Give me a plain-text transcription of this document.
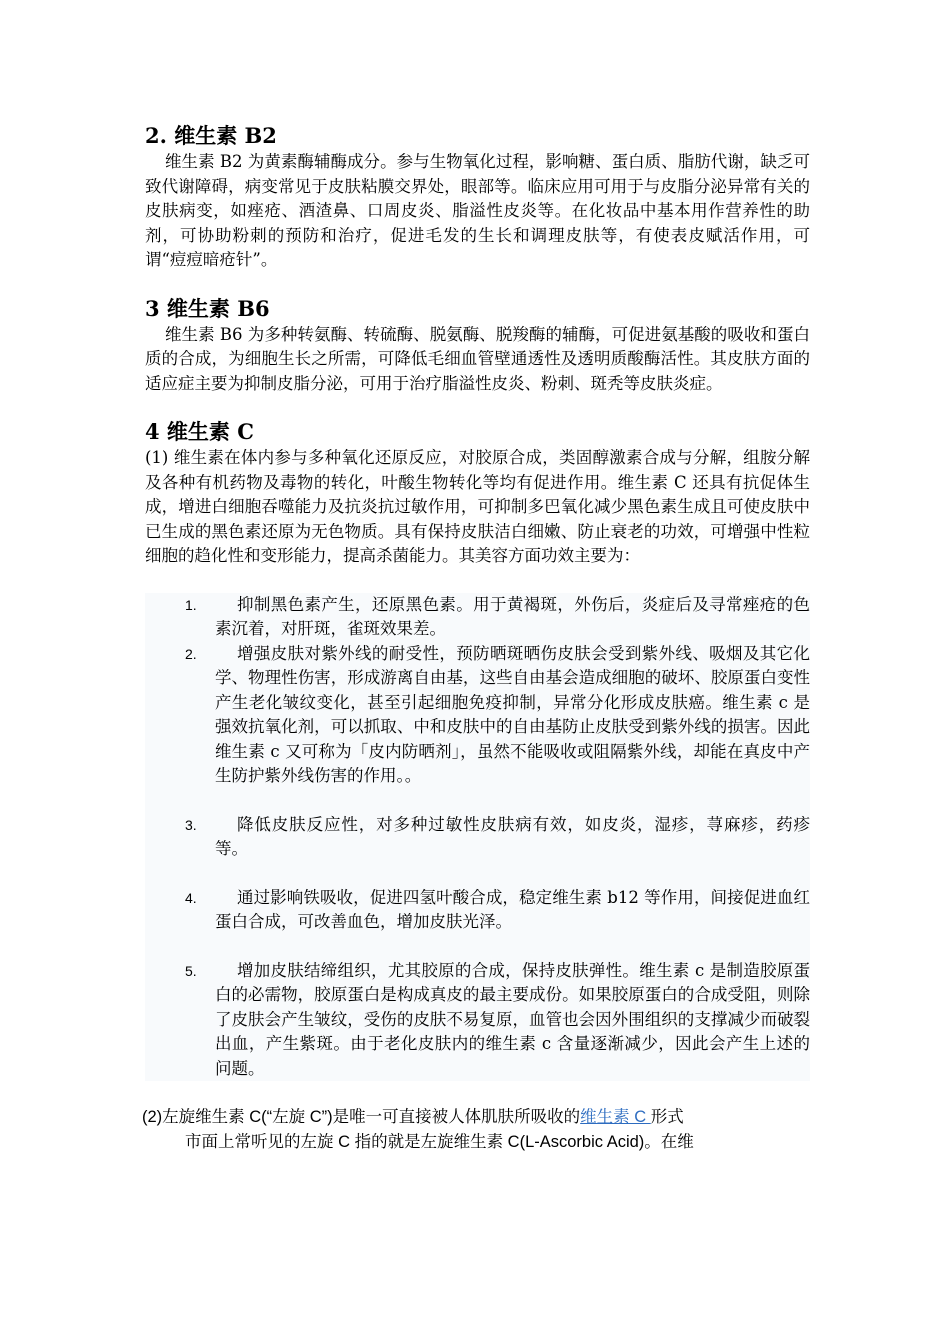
2. 维生素 B2

维生素 B2 为黄素酶辅酶成分。参与生物氧化过程，影响糖、蛋白质、脂肪代谢，缺乏可致代谢障碍，病变常见于皮肤粘膜交界处，眼部等。临床应用可用于与皮脂分泌异常有关的皮肤病变，如痤疮、酒渣鼻、口周皮炎、脂溢性皮炎等。在化妆品中基本用作营养性的助剂，可协助粉刺的预防和治疗，促进毛发的生长和调理皮肤等，有使表皮赋活作用，可谓“痘痘暗疮针”。

3 维生素 B6

维生素 B6 为多种转氨酶、转硫酶、脱氨酶、脱羧酶的辅酶，可促进氨基酸的吸收和蛋白质的合成，为细胞生长之所需，可降低毛细血管壁通透性及透明质酸酶活性。其皮肤方面的适应症主要为抑制皮脂分泌，可用于治疗脂溢性皮炎、粉刺、斑秃等皮肤炎症。

4 维生素 C

(1) 维生素在体内参与多种氧化还原反应，对胶原合成，类固醇激素合成与分解，组胺分解及各种有机药物及毒物的转化，叶酸生物转化等均有促进作用。维生素 C 还具有抗促体生成，增进白细胞吞噬能力及抗炎抗过敏作用，可抑制多巴氧化减少黑色素生成且可使皮肤中已生成的黑色素还原为无色物质。具有保持皮肤洁白细嫩、防止衰老的功效，可增强中性粒细胞的趋化性和变形能力，提高杀菌能力。其美容方面功效主要为：

1.	抑制黑色素产生，还原黑色素。用于黄褐斑，外伤后，炎症后及寻常痤疮的色素沉着，对肝斑，雀斑效果差。
2.	增强皮肤对紫外线的耐受性，预防晒斑晒伤皮肤会受到紫外线、吸烟及其它化学、物理性伤害，形成游离自由基，这些自由基会造成细胞的破坏、胶原蛋白变性产生老化皱纹变化，甚至引起细胞免疫抑制，异常分化形成皮肤癌。维生素 c 是强效抗氧化剂，可以抓取、中和皮肤中的自由基防止皮肤受到紫外线的损害。因此维生素 c 又可称为「皮内防晒剂」，虽然不能吸收或阻隔紫外线，却能在真皮中产生防护紫外线伤害的作用。。
3.	降低皮肤反应性，对多种过敏性皮肤病有效，如皮炎，湿疹，荨麻疹，药疹等。
4.	通过影响铁吸收，促进四氢叶酸合成，稳定维生素 b12 等作用，间接促进血红蛋白合成，可改善血色，增加皮肤光泽。
5.	增加皮肤结缔组织，尤其胶原的合成，保持皮肤弹性。维生素 c 是制造胶原蛋白的必需物，胶原蛋白是构成真皮的最主要成份。如果胶原蛋白的合成受阻，则除了皮肤会产生皱纹，受伤的皮肤不易复原，血管也会因外围组织的支撑减少而破裂出血，产生紫斑。由于老化皮肤内的维生素 c 含量逐渐减少，因此会产生上述的问题。
(2)左旋维生素 C(“左旋 C”)是唯一可直接被人体肌肤所吸收的维生素 C 形式
市面上常听见的左旋 C 指的就是左旋维生素 C(L-Ascorbic Acid)。在维
